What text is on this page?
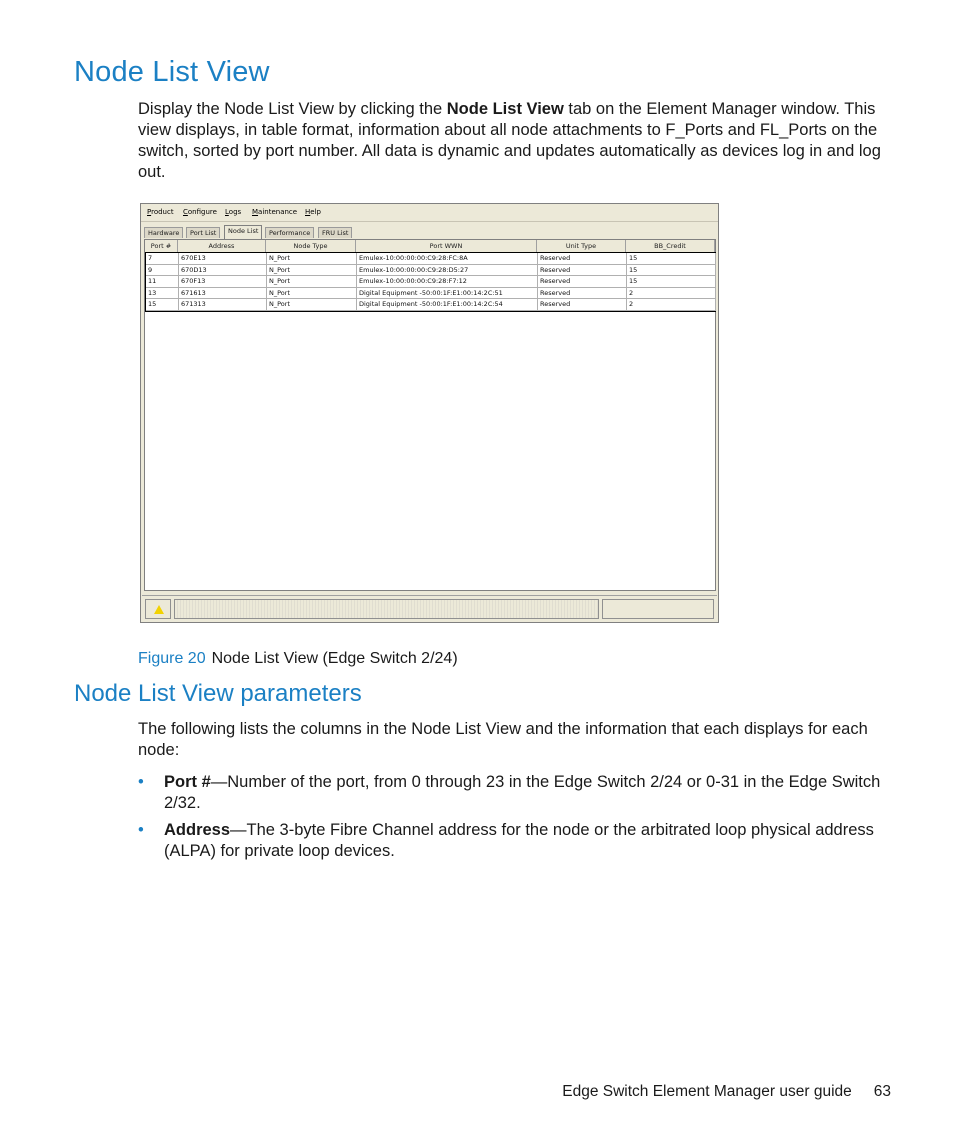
Node List View

Display the Node List View by clicking the Node List View tab on the Element Manager window. This view displays, in table format, information about all node attachments to F_Ports and FL_Ports on the switch, sorted by port number. All data is dynamic and updates automatically as devices log in and log out.

Product Configure Logs Maintenance Help
Hardware	Port List	Node List	Performance	FRU List
Port #	Address	Node Type	Port WWN	Unit Type	BB_Credit
7	670E13	N_Port	Emulex-10:00:00:00:C9:28:FC:8A	Reserved	15
9	670D13	N_Port	Emulex-10:00:00:00:C9:28:D5:27	Reserved	15
11	670F13	N_Port	Emulex-10:00:00:00:C9:28:F7:12	Reserved	15
13	671613	N_Port	Digital Equipment -50:00:1F:E1:00:14:2C:51	Reserved	2
15	671313	N_Port	Digital Equipment -50:00:1F:E1:00:14:2C:54	Reserved	2
Figure 20 Node List View (Edge Switch 2/24)
Node List View parameters

The following lists the columns in the Node List View and the information that each displays for each node:

• Port #—Number of the port, from 0 through 23 in the Edge Switch 2/24 or 0-31 in the Edge Switch 2/32.
• Address—The 3-byte Fibre Channel address for the node or the arbitrated loop physical address (ALPA) for private loop devices.
Edge Switch Element Manager user guide 63
